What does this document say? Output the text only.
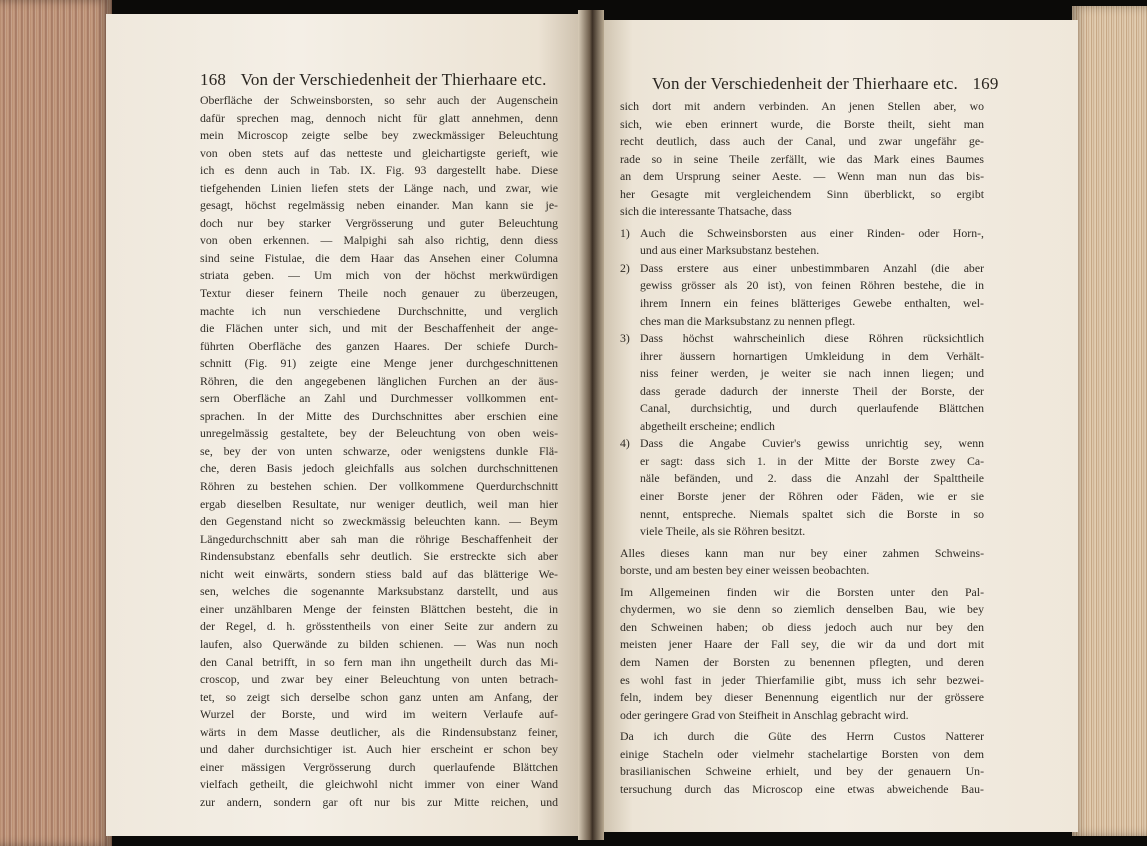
168 Von der Verschiedenheit der Thierhaare etc.
Oberfläche der Schweinsborsten, so sehr auch der Augenschein
dafür sprechen mag, dennoch nicht für glatt annehmen, denn
mein Microscop zeigte selbe bey zweckmässiger Beleuchtung
von oben stets auf das netteste und gleichartigste gerieft, wie
ich es denn auch in Tab. IX. Fig. 93 dargestellt habe. Diese
tiefgehenden Linien liefen stets der Länge nach, und zwar, wie
gesagt, höchst regelmässig neben einander. Man kann sie je-
doch nur bey starker Vergrösserung und guter Beleuchtung
von oben erkennen. — Malpighi sah also richtig, denn diess
sind seine Fistulae, die dem Haar das Ansehen einer Columna
striata geben. — Um mich von der höchst merkwürdigen
Textur dieser feinern Theile noch genauer zu überzeugen,
machte ich nun verschiedene Durchschnitte, und verglich
die Flächen unter sich, und mit der Beschaffenheit der ange-
führten Oberfläche des ganzen Haares. Der schiefe Durch-
schnitt (Fig. 91) zeigte eine Menge jener durchgeschnittenen
Röhren, die den angegebenen länglichen Furchen an der äus-
sern Oberfläche an Zahl und Durchmesser vollkommen ent-
sprachen. In der Mitte des Durchschnittes aber erschien eine
unregelmässig gestaltete, bey der Beleuchtung von oben weis-
se, bey der von unten schwarze, oder wenigstens dunkle Flä-
che, deren Basis jedoch gleichfalls aus solchen durchschnittenen
Röhren zu bestehen schien. Der vollkommene Querdurchschnitt
ergab dieselben Resultate, nur weniger deutlich, weil man hier
den Gegenstand nicht so zweckmässig beleuchten kann. — Beym
Längedurchschnitt aber sah man die röhrige Beschaffenheit der
Rindensubstanz ebenfalls sehr deutlich. Sie erstreckte sich aber
nicht weit einwärts, sondern stiess bald auf das blätterige We-
sen, welches die sogenannte Marksubstanz darstellt, und aus
einer unzählbaren Menge der feinsten Blättchen besteht, die in
der Regel, d. h. grösstentheils von einer Seite zur andern zu
laufen, also Querwände zu bilden schienen. — Was nun noch
den Canal betrifft, in so fern man ihn ungetheilt durch das Mi-
croscop, und zwar bey einer Beleuchtung von unten betrach-
tet, so zeigt sich derselbe schon ganz unten am Anfang, der
Wurzel der Borste, und wird im weitern Verlaufe auf-
wärts in dem Masse deutlicher, als die Rindensubstanz feiner,
und daher durchsichtiger ist. Auch hier erscheint er schon bey
einer mässigen Vergrösserung durch querlaufende Blättchen
vielfach getheilt, die gleichwohl nicht immer von einer Wand
zur andern, sondern gar oft nur bis zur Mitte reichen, und
Von der Verschiedenheit der Thierhaare etc. 169
sich dort mit andern verbinden. An jenen Stellen aber, wo
sich, wie eben erinnert wurde, die Borste theilt, sieht man
recht deutlich, dass auch der Canal, und zwar ungefähr ge-
rade so in seine Theile zerfällt, wie das Mark eines Baumes
an dem Ursprung seiner Aeste. — Wenn man nun das bis-
her Gesagte mit vergleichendem Sinn überblickt, so ergibt
sich die interessante Thatsache, dass
1) Auch die Schweinsborsten aus einer Rinden- oder Horn-,
und aus einer Marksubstanz bestehen.
2) Dass erstere aus einer unbestimmbaren Anzahl (die aber
gewiss grösser als 20 ist), von feinen Röhren bestehe, die in
ihrem Innern ein feines blätteriges Gewebe enthalten, wel-
ches man die Marksubstanz zu nennen pflegt.
3) Dass höchst wahrscheinlich diese Röhren rücksichtlich
ihrer äussern hornartigen Umkleidung in dem Verhält-
niss feiner werden, je weiter sie nach innen liegen; und
dass gerade dadurch der innerste Theil der Borste, der
Canal, durchsichtig, und durch querlaufende Blättchen
abgetheilt erscheine; endlich
4) Dass die Angabe Cuvier's gewiss unrichtig sey, wenn
er sagt: dass sich 1. in der Mitte der Borste zwey Ca-
näle befänden, und 2. dass die Anzahl der Spalttheile
einer Borste jener der Röhren oder Fäden, wie er sie
nennt, entspreche. Niemals spaltet sich die Borste in so
viele Theile, als sie Röhren besitzt.
Alles dieses kann man nur bey einer zahmen Schweins-
borste, und am besten bey einer weissen beobachten.
Im Allgemeinen finden wir die Borsten unter den Pal-
chydermen, wo sie denn so ziemlich denselben Bau, wie bey
den Schweinen haben; ob diess jedoch auch nur bey den
meisten jener Haare der Fall sey, die wir da und dort mit
dem Namen der Borsten zu benennen pflegten, und deren
es wohl fast in jeder Thierfamilie gibt, muss ich sehr bezwei-
feln, indem bey dieser Benennung eigentlich nur der grössere
oder geringere Grad von Steifheit in Anschlag gebracht wird.
Da ich durch die Güte des Herrn Custos Natterer
einige Stacheln oder vielmehr stachelartige Borsten von dem
brasilianischen Schweine erhielt, und bey der genauern Un-
tersuchung durch das Microscop eine etwas abweichende Bau-
